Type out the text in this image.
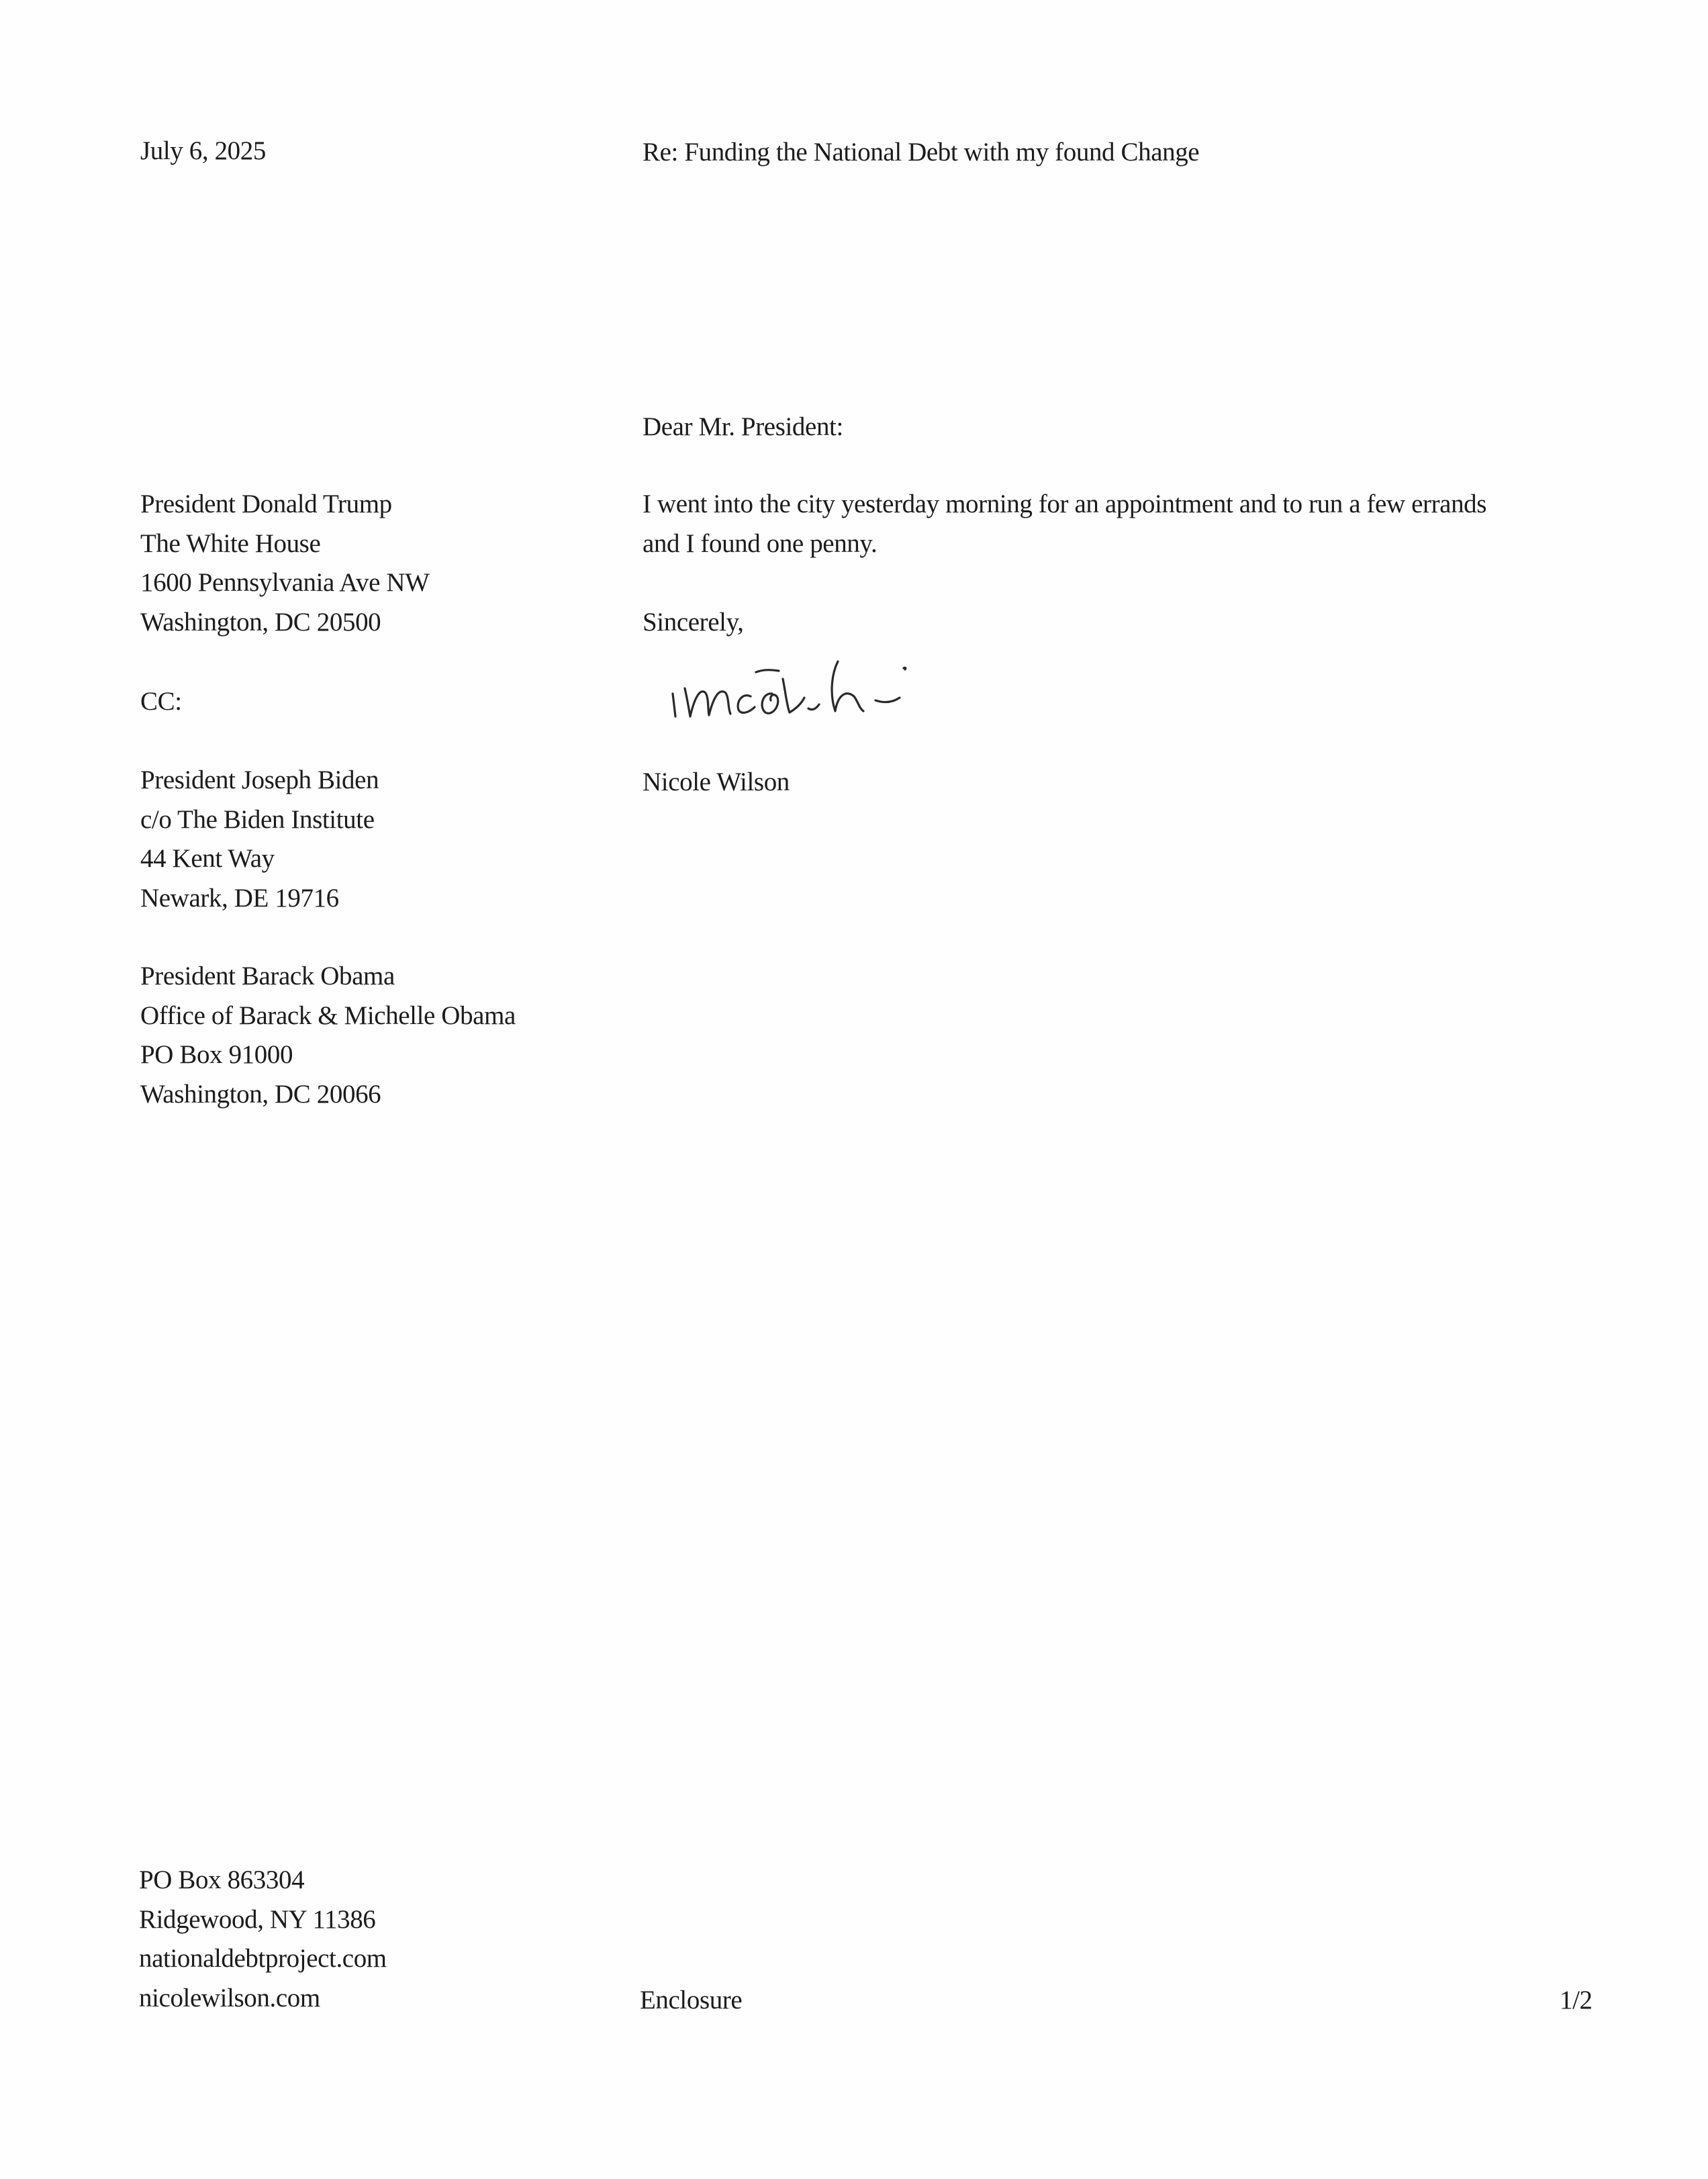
July 6, 2025	Re: Funding the National Debt with my found Change
Dear Mr. President:
President Donald Trump
The White House
1600 Pennsylvania Ave NW
Washington, DC 20500
I went into the city yesterday morning for an appointment and to run a few errands
and I found one penny.
Sincerely,
Nicole Wilson
CC:
President Joseph Biden
c/o The Biden Institute
44 Kent Way
Newark, DE 19716
President Barack Obama
Office of Barack & Michelle Obama
PO Box 91000
Washington, DC 20066
PO Box 863304
Ridgewood, NY 11386
nationaldebtproject.com
nicolewilson.com	Enclosure	1/2
